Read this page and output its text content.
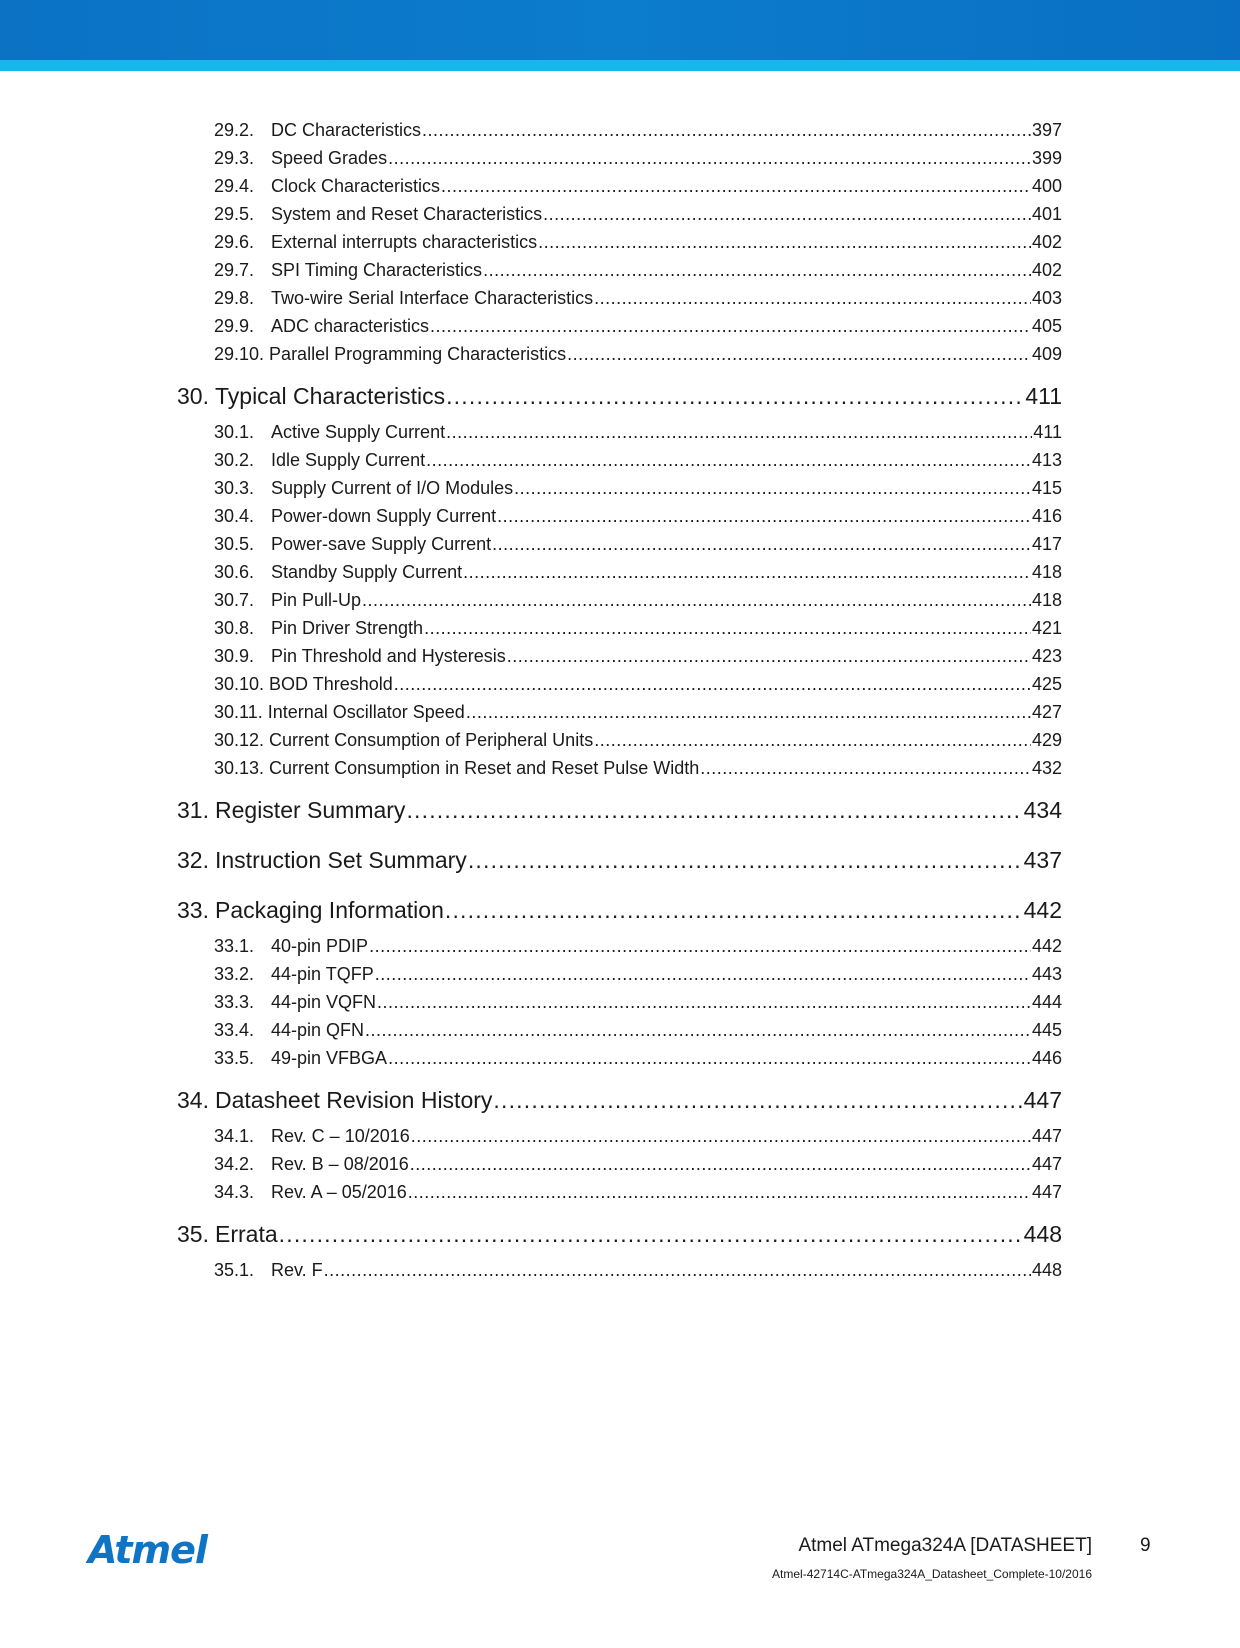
29.2. DC Characteristics .....	397
29.3. Speed Grades .....	399
29.4. Clock Characteristics .....	400
29.5. System and Reset Characteristics .....	401
29.6. External interrupts characteristics .....	402
29.7. SPI Timing Characteristics .....	402
29.8. Two-wire Serial Interface Characteristics .....	403
29.9. ADC characteristics .....	405
29.10. Parallel Programming Characteristics .....	409
30. Typical Characteristics .....	411
30.1. Active Supply Current .....	411
30.2. Idle Supply Current .....	413
30.3. Supply Current of I/O Modules .....	415
30.4. Power-down Supply Current .....	416
30.5. Power-save Supply Current .....	417
30.6. Standby Supply Current .....	418
30.7. Pin Pull-Up .....	418
30.8. Pin Driver Strength .....	421
30.9. Pin Threshold and Hysteresis .....	423
30.10. BOD Threshold .....	425
30.11. Internal Oscillator Speed .....	427
30.12. Current Consumption of Peripheral Units .....	429
30.13. Current Consumption in Reset and Reset Pulse Width .....	432
31. Register Summary .....	434
32. Instruction Set Summary .....	437
33. Packaging Information .....	442
33.1. 40-pin PDIP .....	442
33.2. 44-pin TQFP .....	443
33.3. 44-pin VQFN .....	444
33.4. 44-pin QFN .....	445
33.5. 49-pin VFBGA .....	446
34. Datasheet Revision History .....	447
34.1. Rev. C – 10/2016 .....	447
34.2. Rev. B – 08/2016 .....	447
34.3. Rev. A – 05/2016 .....	447
35. Errata .....	448
35.1. Rev. F .....	448
Atmel	Atmel ATmega324A [DATASHEET]	9
Atmel-42714C-ATmega324A_Datasheet_Complete-10/2016
